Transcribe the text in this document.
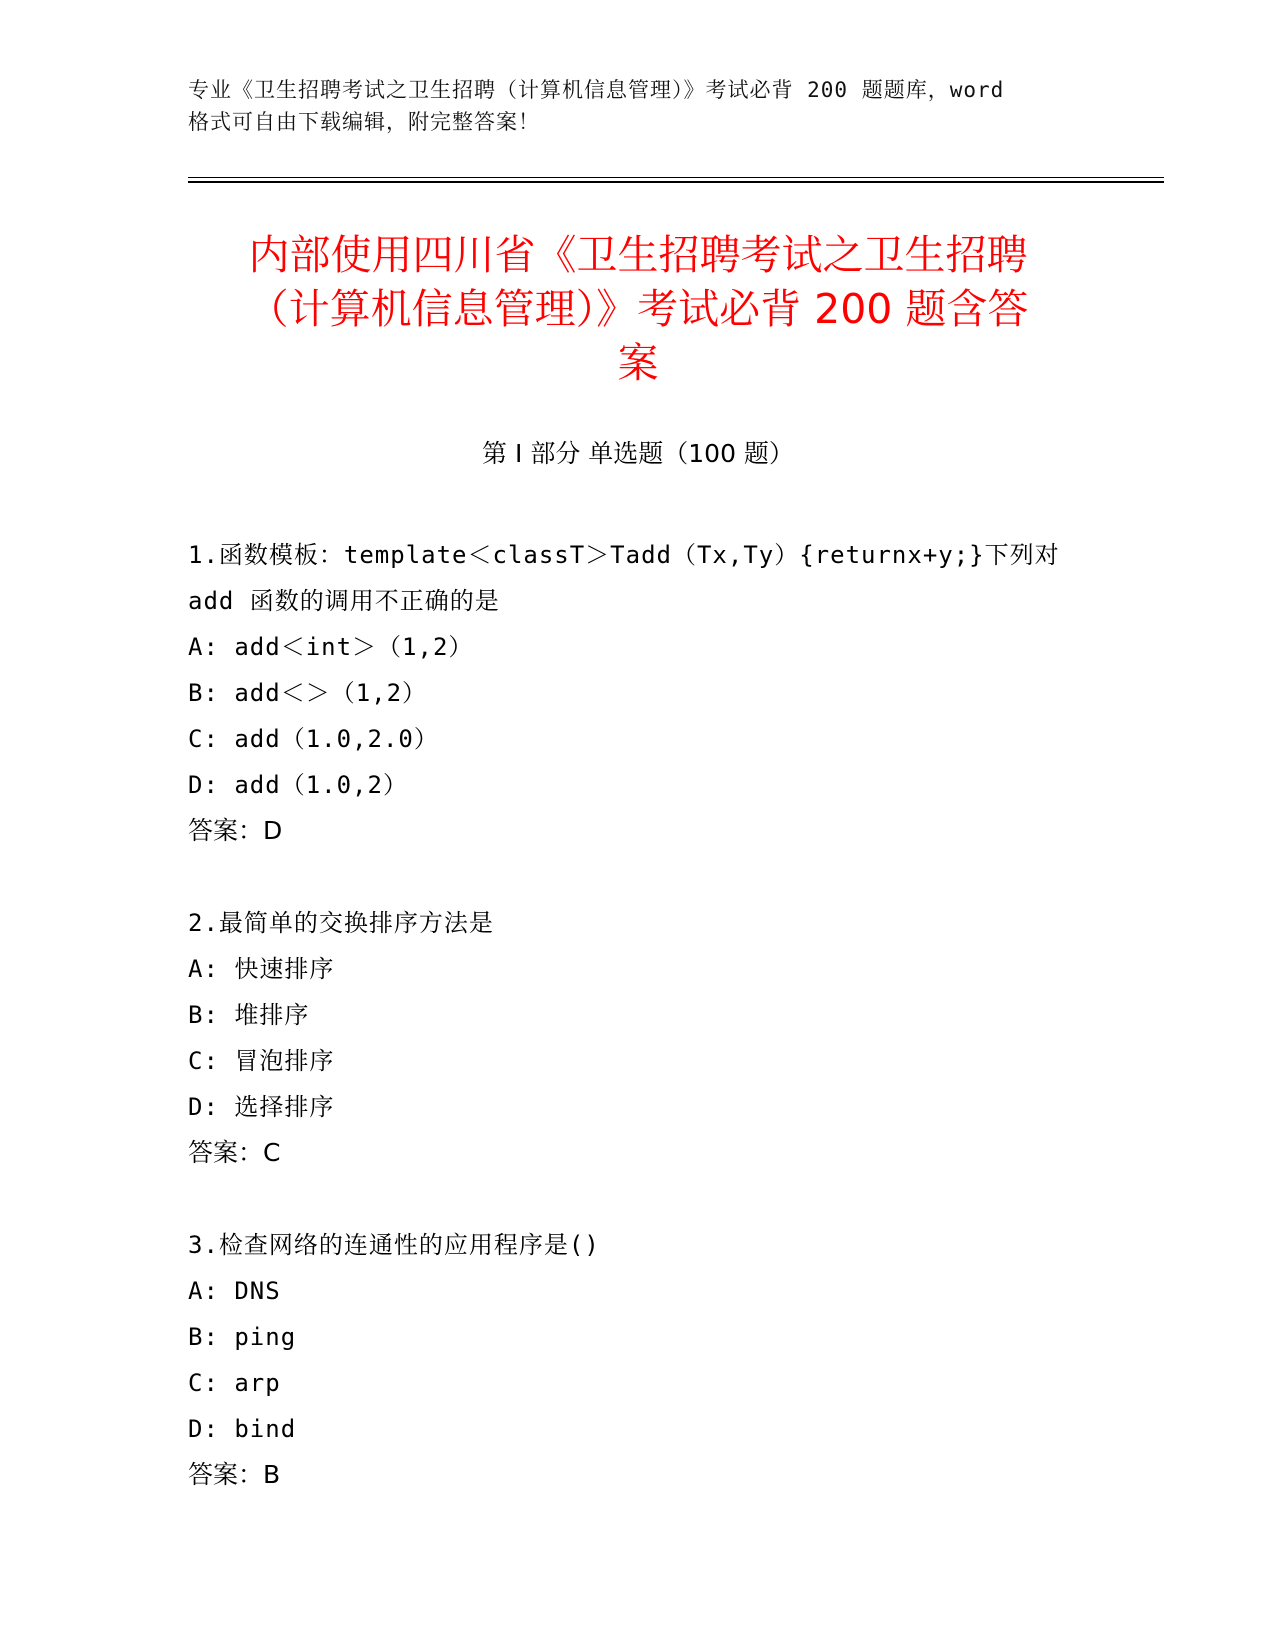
专业《卫生招聘考试之卫生招聘（计算机信息管理）》考试必背 200 题题库，word
格式可自由下载编辑，附完整答案！
内部使用四川省《卫生招聘考试之卫生招聘
（计算机信息管理）》考试必背 200 题含答
案
第 I 部分 单选题（100 题）
1.函数模板：template＜classT＞Tadd（Tx,Ty）{returnx+y;}下列对
add 函数的调用不正确的是
A: add＜int＞（1,2）
B: add＜＞（1,2）
C: add（1.0,2.0）
D: add（1.0,2）
答案：D
2.最简单的交换排序方法是
A: 快速排序
B: 堆排序
C: 冒泡排序
D: 选择排序
答案：C
3.检查网络的连通性的应用程序是()
A: DNS
B: ping
C: arp
D: bind
答案：B
